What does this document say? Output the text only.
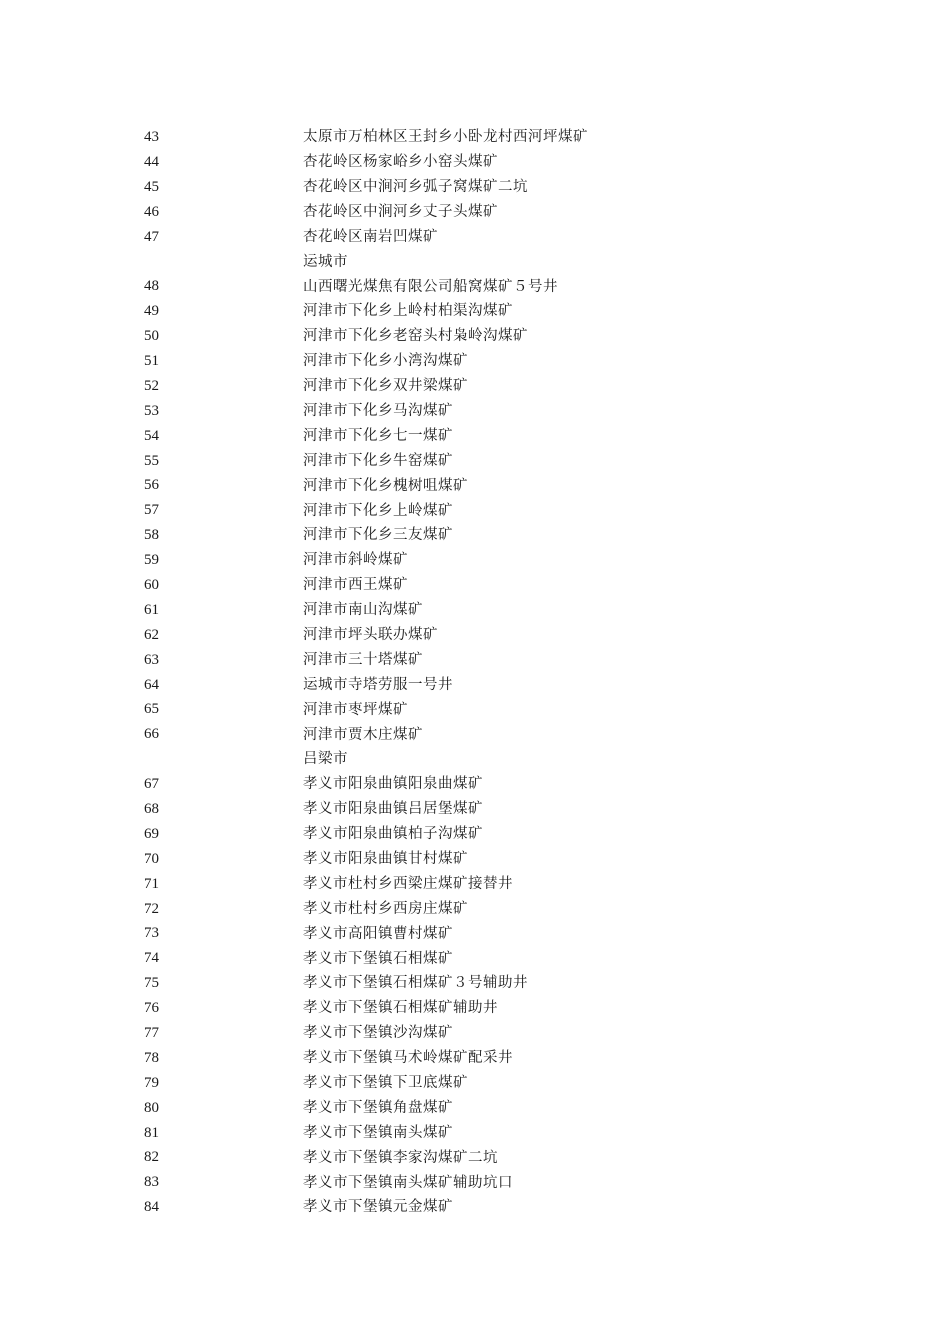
43	太原市万柏林区王封乡小卧龙村西河坪煤矿
44	杏花岭区杨家峪乡小窑头煤矿
45	杏花岭区中涧河乡弧子窝煤矿二坑
46	杏花岭区中涧河乡丈子头煤矿
47	杏花岭区南岩凹煤矿
运城市
48	山西曙光煤焦有限公司船窝煤矿５号井
49	河津市下化乡上岭村柏渠沟煤矿
50	河津市下化乡老窑头村枭岭沟煤矿
51	河津市下化乡小湾沟煤矿
52	河津市下化乡双井梁煤矿
53	河津市下化乡马沟煤矿
54	河津市下化乡七一煤矿
55	河津市下化乡牛窑煤矿
56	河津市下化乡槐树咀煤矿
57	河津市下化乡上岭煤矿
58	河津市下化乡三友煤矿
59	河津市斜岭煤矿
60	河津市西王煤矿
61	河津市南山沟煤矿
62	河津市坪头联办煤矿
63	河津市三十塔煤矿
64	运城市寺塔劳服一号井
65	河津市枣坪煤矿
66	河津市贾木庄煤矿
吕梁市
67	孝义市阳泉曲镇阳泉曲煤矿
68	孝义市阳泉曲镇吕居堡煤矿
69	孝义市阳泉曲镇柏子沟煤矿
70	孝义市阳泉曲镇甘村煤矿
71	孝义市杜村乡西梁庄煤矿接替井
72	孝义市杜村乡西房庄煤矿
73	孝义市高阳镇曹村煤矿
74	孝义市下堡镇石相煤矿
75	孝义市下堡镇石相煤矿３号辅助井
76	孝义市下堡镇石相煤矿辅助井
77	孝义市下堡镇沙沟煤矿
78	孝义市下堡镇马术岭煤矿配采井
79	孝义市下堡镇下卫底煤矿
80	孝义市下堡镇角盘煤矿
81	孝义市下堡镇南头煤矿
82	孝义市下堡镇李家沟煤矿二坑
83	孝义市下堡镇南头煤矿辅助坑口
84	孝义市下堡镇元金煤矿
